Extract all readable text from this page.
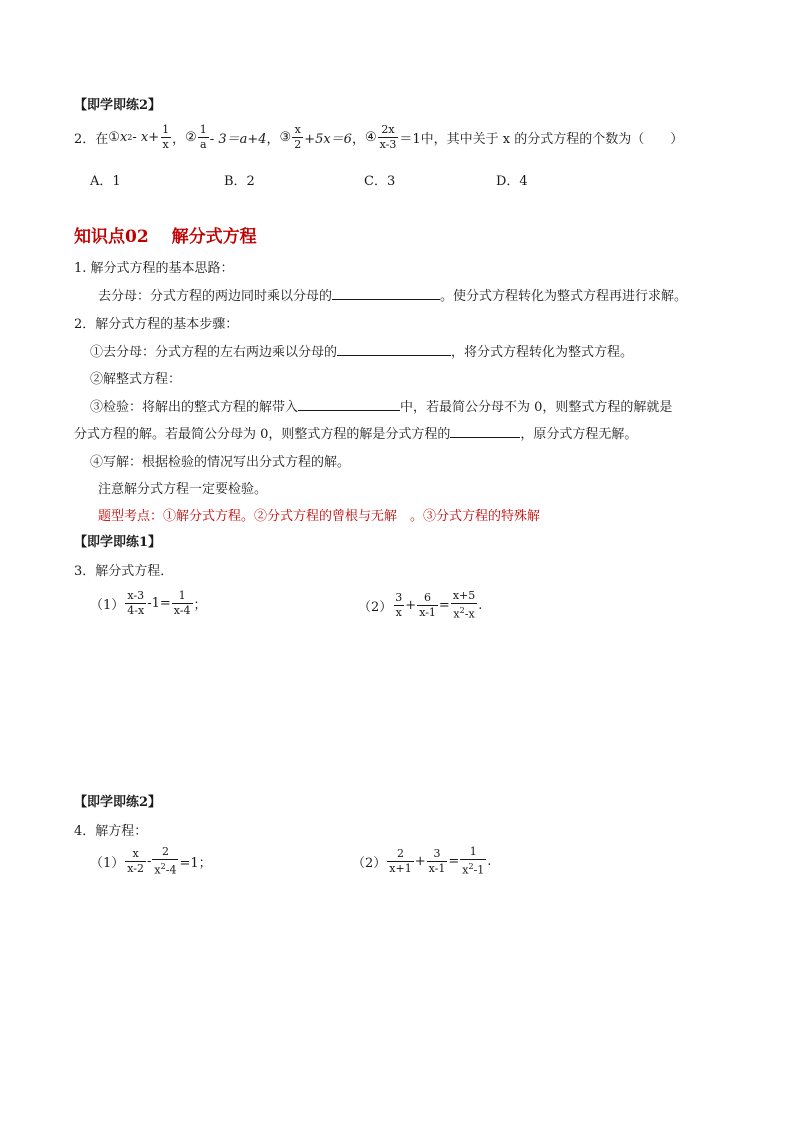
【即学即练2】
2．在 ① x $2 - x+ \frac{1}{x}$ ， ② $\frac{1}{a} - 3=a+4$ ， ③ $\frac{x}{2} +5x=6$ ， ④ $\frac{2x}{x-3} =1$ 中，其中关于 x 的分式方程的个数为（　　）
A．1	B．2	C．3	D．4
知识点02　 解分式方程
1. 解分式方程的基本思路：
去分母：分式方程的两边同时乘以分母的	。使分式方程转化为整式方程再进行求解。
2．解分式方程的基本步骤：
①去分母：分式方程的左右两边乘以分母的	，将分式方程转化为整式方程。
②解整式方程：
③检验：将解出的整式方程的解带入	中，若最简公分母不为 0，则整式方程的解就是
分式方程的解。若最简公分母为 0，则整式方程的解是分式方程的	，原分式方程无解。
④写解：根据检验的情况写出分式方程的解。
注意解分式方程一定要检验。
题型考点：①解分式方程。②分式方程的曾根与无解　。③分式方程的特殊解
【即学即练1】
3．解分式方程．
$(1) \frac{x-3}{4-x} -1= \frac{1}{x-4}$ ；	$(2) \frac{3}{x} + \frac{6}{x-1} = \frac{x+5}{x^2-x}$ .
【即学即练2】
4．解方程：
$(1) \frac{x}{x-2} - \frac{2}{x^2-4} =1$；	$(2) \frac{2}{x+1} + \frac{3}{x-1} = \frac{1}{x^2-1}$ .
